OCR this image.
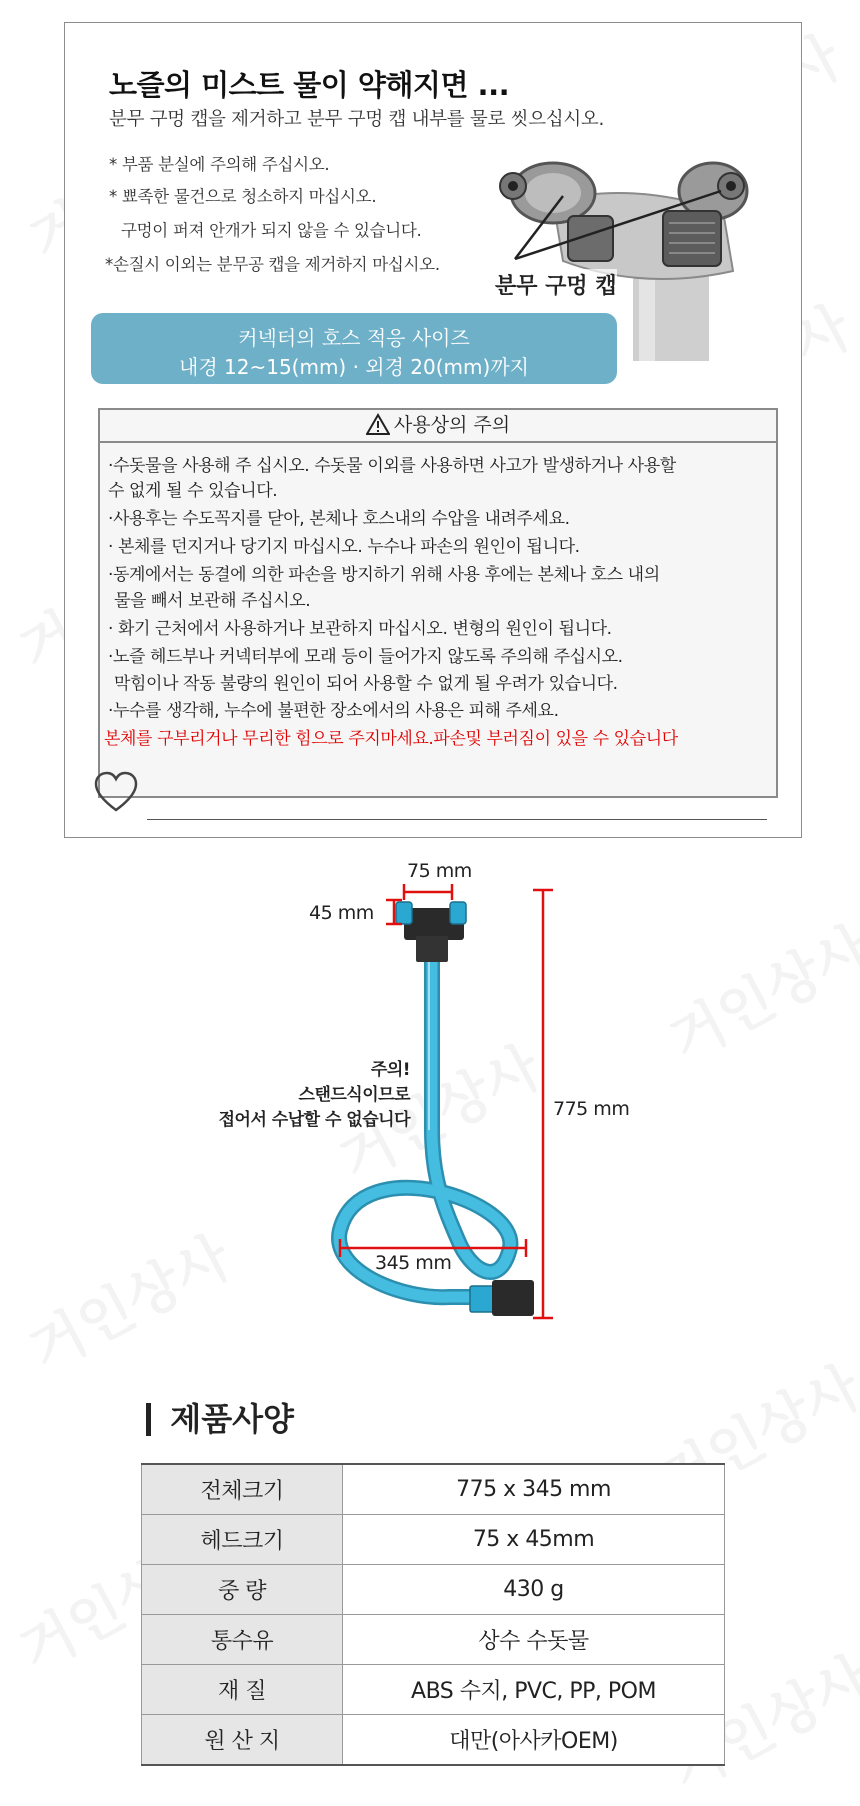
노즐의 미스트 물이 약해지면 ...
분무 구멍 캡을 제거하고 분무 구멍 캡 내부를 물로 씻으십시오.
* 부품 분실에 주의해 주십시오.
* 뾰족한 물건으로 청소하지 마십시오.
구멍이 퍼져 안개가 되지 않을 수 있습니다.
*손질시 이외는 분무공 캡을 제거하지 마십시오.
분무 구멍 캡
커넥터의 호스 적응 사이즈
내경 12~15(mm) · 외경 20(mm)까지
사용상의 주의
·수돗물을 사용해 주 십시오. 수돗물 이외를 사용하면 사고가 발생하거나 사용할
수 없게 될 수 있습니다.
·사용후는 수도꼭지를 닫아, 본체나 호스내의 수압을 내려주세요.
· 본체를 던지거나 당기지 마십시오. 누수나 파손의 원인이 됩니다.
·동계에서는 동결에 의한 파손을 방지하기 위해 사용 후에는 본체나 호스 내의
물을 빼서 보관해 주십시오.
· 화기 근처에서 사용하거나 보관하지 마십시오. 변형의 원인이 됩니다.
·노즐 헤드부나 커넥터부에 모래 등이 들어가지 않도록 주의해 주십시오.
막힘이나 작동 불량의 원인이 되어 사용할 수 없게 될 우려가 있습니다.
·누수를 생각해, 누수에 불편한 장소에서의 사용은 피해 주세요.
본체를 구부리거나 무리한 힘으로 주지마세요.파손및 부러짐이 있을 수 있습니다
75 mm
45 mm
775 mm
345 mm
주의!
스탠드식이므로
접어서 수납할 수 없습니다
제품사양
전체크기	775 x 345 mm
헤드크기	75 x 45mm
중 량	430 g
통수유	상수 수돗물
재 질	ABS 수지, PVC, PP, POM
원 산 지	대만(아사카OEM)
